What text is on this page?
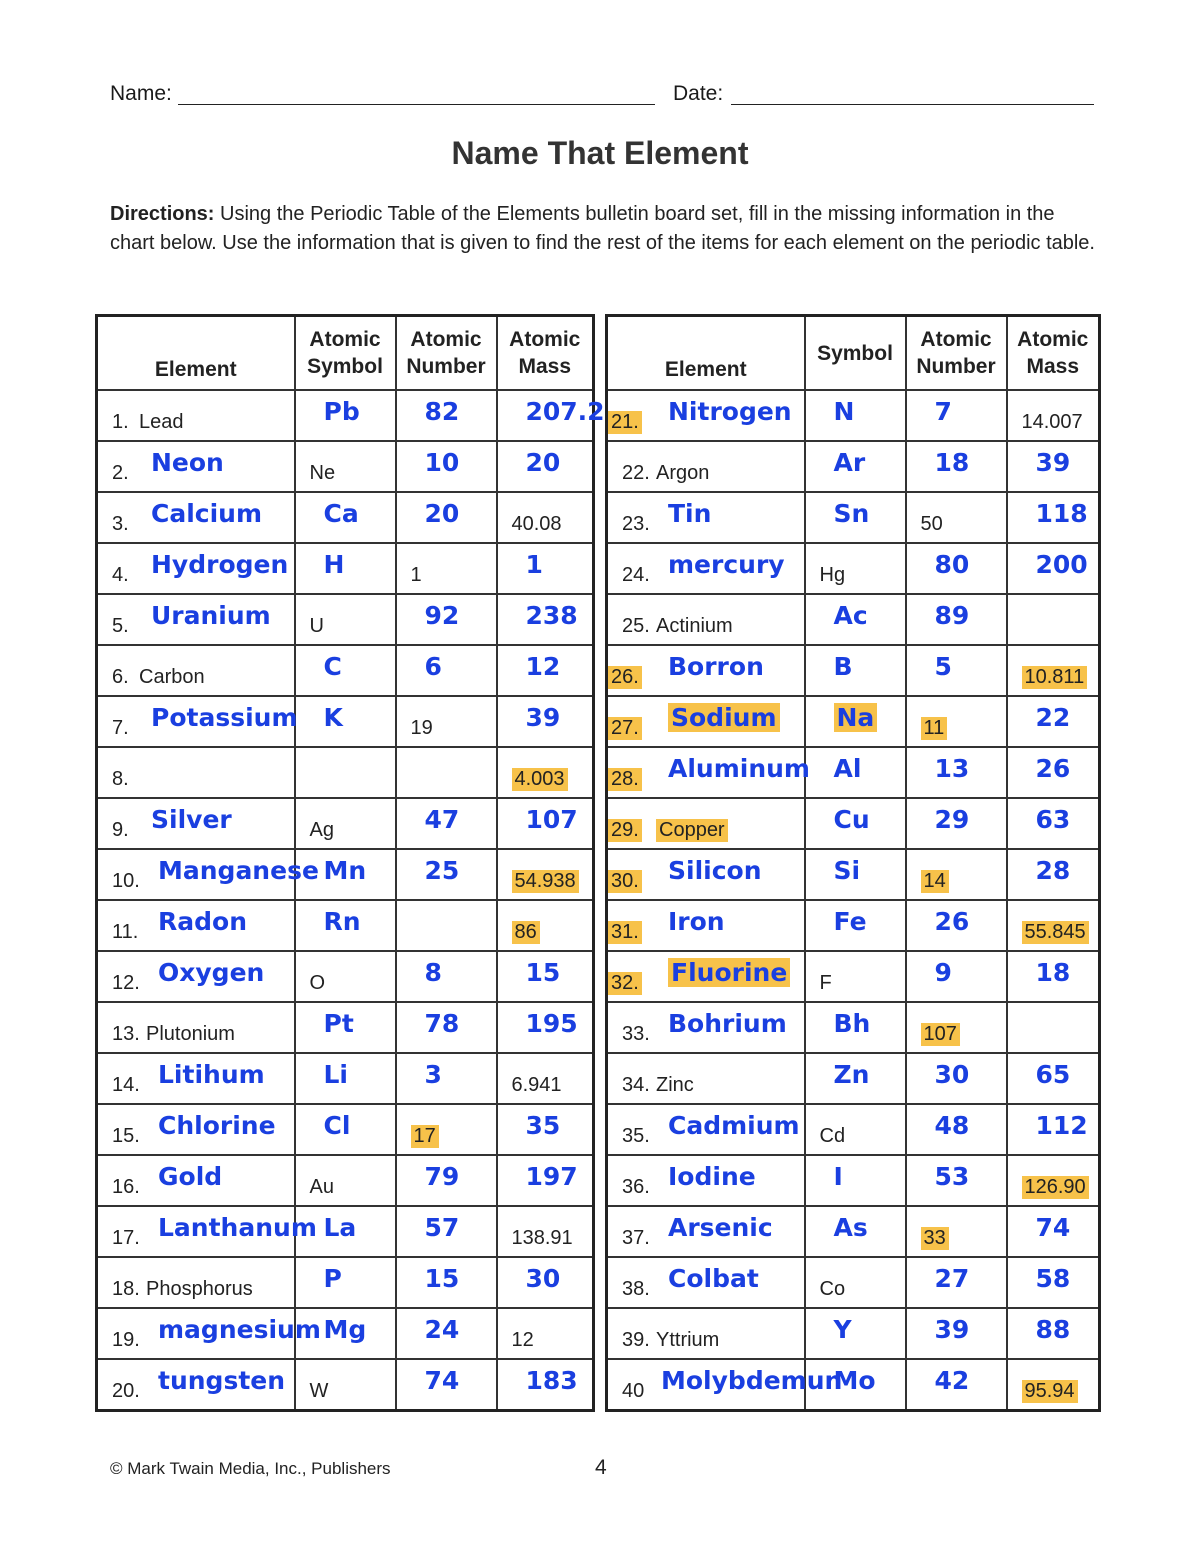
Name:	Date:
Name That Element
Directions: Using the Periodic Table of the Elements bulletin board set, fill in the missing information in the chart below. Use the information that is given to find the rest of the items for each element on the periodic table.
Element	Atomic Symbol	Atomic Number	Atomic Mass

1. Lead	Pb	82	207.2

2. Neon	Ne	10	20

3. Calcium	Ca	20	40.08

4. Hydrogen	H	1	1

5. Uranium	U	92	238

6. Carbon	C	6	12

7. Potassium	K	19	39

8.			4.003

9. Silver	Ag	47	107

10. Manganese	Mn	25	54.938

11. Radon	Rn		86

12. Oxygen	O	8	15

13. Plutonium	Pt	78	195

14. Litihum	Li	3	6.941

15. Chlorine	Cl	17	35

16. Gold	Au	79	197

17. Lanthanum	La	57	138.91

18. Phosphorus	P	15	30

19. magnesium	Mg	24	12

20. tungsten	W	74	183
Element	Symbol	Atomic Number	Atomic Mass

21. Nitrogen	N	7	14.007

22. Argon	Ar	18	39

23. Tin	Sn	50	118

24. mercury	Hg	80	200

25. Actinium	Ac	89	

26. Borron	B	5	10.811

27. Sodium	Na	11	22

28. Aluminum	Al	13	26

29. Copper	Cu	29	63

30. Silicon	Si	14	28

31. Iron	Fe	26	55.845

32. Fluorine	F	9	18

33. Bohrium	Bh	107	

34. Zinc	Zn	30	65

35. Cadmium	Cd	48	112

36. Iodine	I	53	126.90

37. Arsenic	As	33	74

38. Colbat	Co	27	58

39. Yttrium	Y	39	88

40 Molybdemun	Mo	42	95.94
© Mark Twain Media, Inc., Publishers	4
